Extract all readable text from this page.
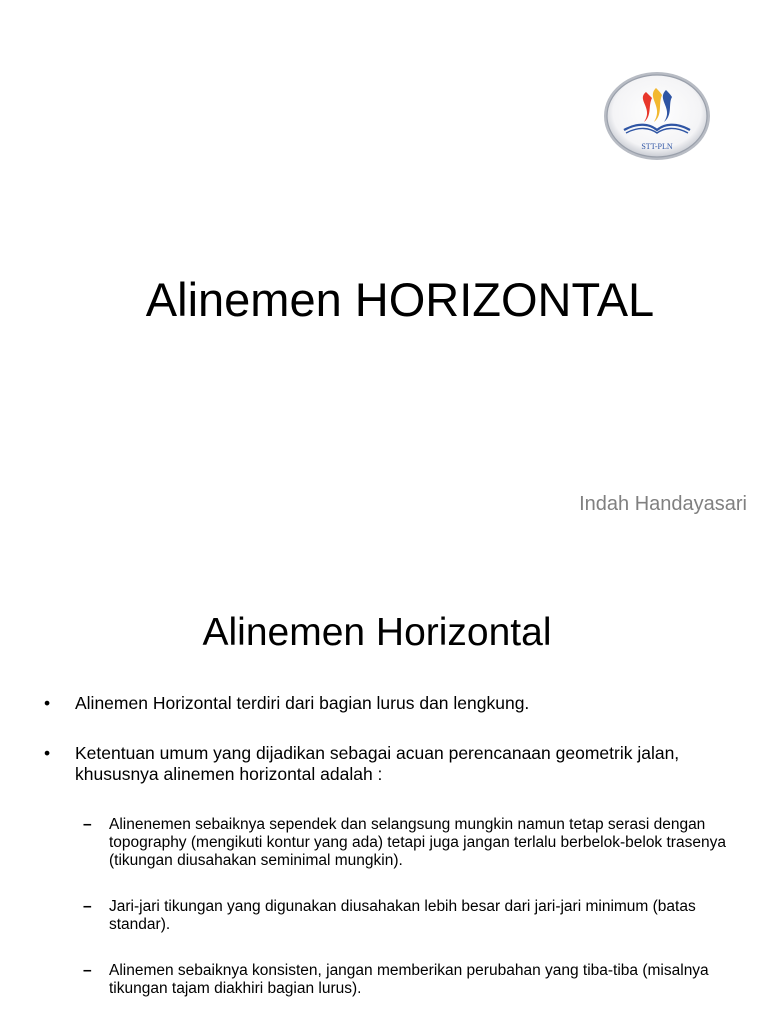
STT-PLN
Alinemen HORIZONTAL
Indah Handayasari
Alinemen Horizontal
• Alinemen Horizontal terdiri dari bagian lurus dan lengkung.
• Ketentuan umum yang dijadikan sebagai acuan perencanaan geometrik jalan, khususnya alinemen horizontal adalah :
– Alinenemen sebaiknya sependek dan selangsung mungkin namun tetap serasi dengan topography (mengikuti kontur yang ada) tetapi juga jangan terlalu berbelok-belok trasenya (tikungan diusahakan seminimal mungkin).
– Jari-jari tikungan yang digunakan diusahakan lebih besar dari jari-jari minimum (batas standar).
– Alinemen sebaiknya konsisten, jangan memberikan perubahan yang tiba-tiba (misalnya tikungan tajam diakhiri bagian lurus).
